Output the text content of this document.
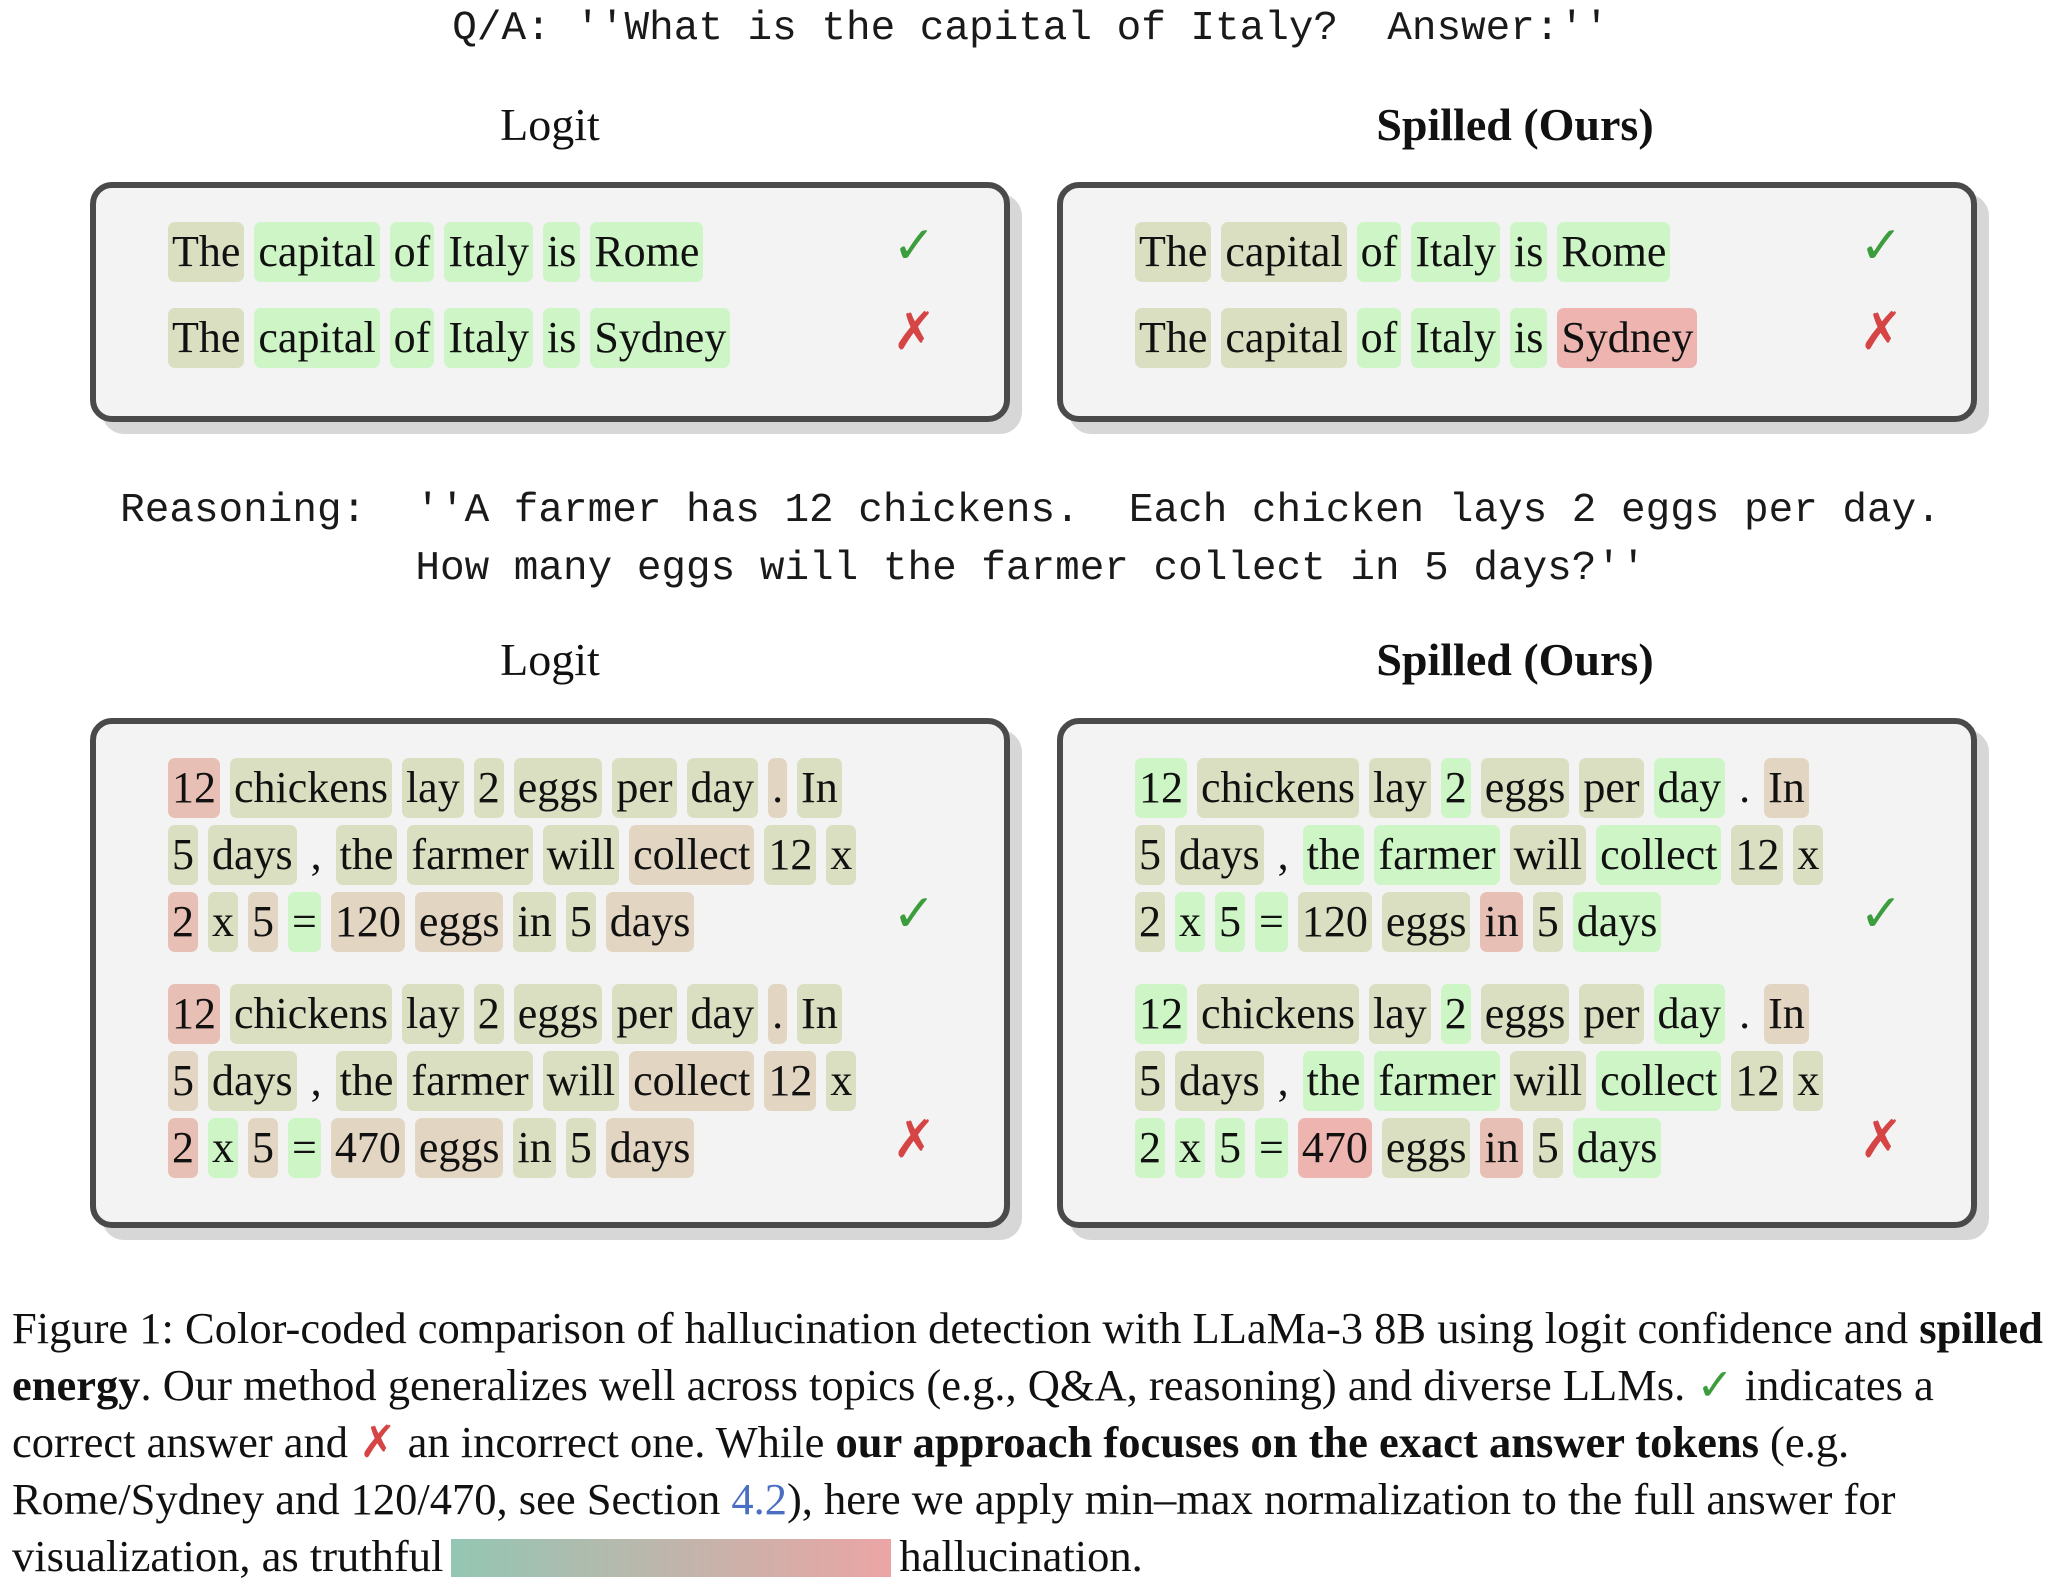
Q/A: ''What is the capital of Italy?  Answer:''
Logit	Spilled (Ours)
The capital of Italy is Rome	✓
The capital of Italy is Sydney	✗
The capital of Italy is Rome	✓
The capital of Italy is Sydney	✗
Reasoning:  ''A farmer has 12 chickens.  Each chicken lays 2 eggs per day.
How many eggs will the farmer collect in 5 days?''
Logit	Spilled (Ours)
12 chickens lay 2 eggs per day . In
5 days , the farmer will collect 12 x
2 x 5 = 120 eggs in 5 days	✓
12 chickens lay 2 eggs per day . In
5 days , the farmer will collect 12 x
2 x 5 = 470 eggs in 5 days	✗
12 chickens lay 2 eggs per day . In
5 days , the farmer will collect 12 x
2 x 5 = 120 eggs in 5 days	✓
12 chickens lay 2 eggs per day . In
5 days , the farmer will collect 12 x
2 x 5 = 470 eggs in 5 days	✗
Figure 1: Color-coded comparison of hallucination detection with LLaMa-3 8B using logit confidence and spilled energy. Our method generalizes well across topics (e.g., Q&A, reasoning) and diverse LLMs. ✓ indicates a correct answer and ✗ an incorrect one. While our approach focuses on the exact answer tokens (e.g. Rome/Sydney and 120/470, see Section 4.2), here we apply min–max normalization to the full answer for visualization, as truthful	hallucination.
